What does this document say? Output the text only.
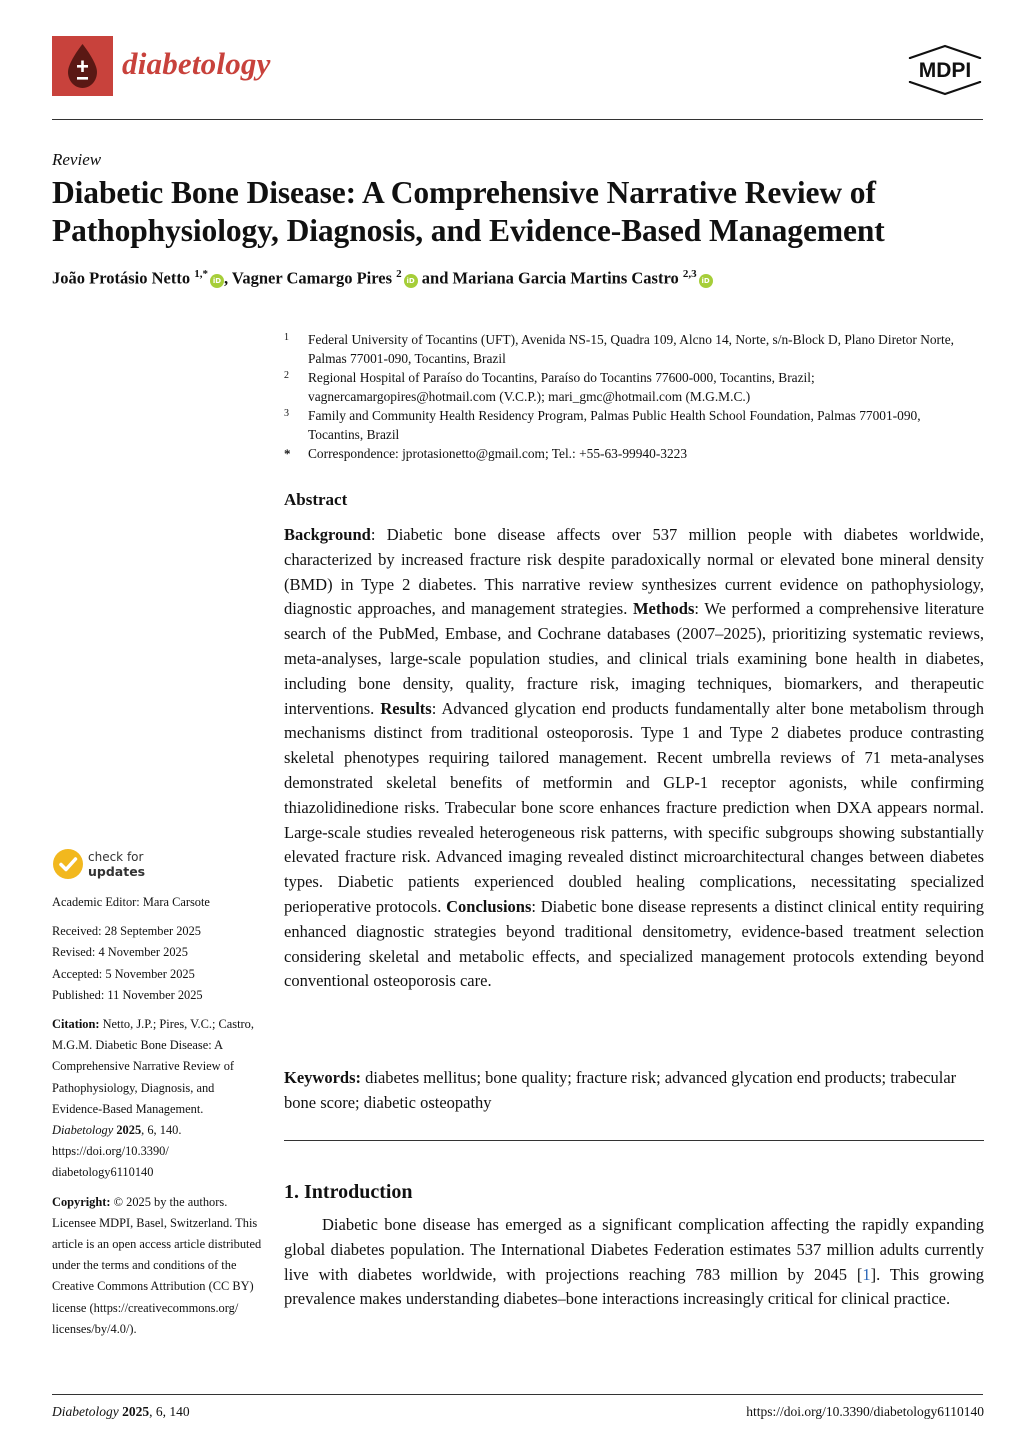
diabetology	MDPI
Review
Diabetic Bone Disease: A Comprehensive Narrative Review of Pathophysiology, Diagnosis, and Evidence-Based Management
João Protásio Netto $^{1,*}$iD , Vagner Camargo Pires $^2$iD and Mariana Garcia Martins Castro $^{2,3}$iD
1 Federal University of Tocantins (UFT), Avenida NS-15, Quadra 109, Alcno 14, Norte, s/n-Block D, Plano Diretor Norte, Palmas 77001-090, Tocantins, Brazil
2 Regional Hospital of Paraíso do Tocantins, Paraíso do Tocantins 77600-000, Tocantins, Brazil; vagnercamargopires@hotmail.com (V.C.P.); mari_gmc@hotmail.com (M.G.M.C.)
3 Family and Community Health Residency Program, Palmas Public Health School Foundation, Palmas 77001-090, Tocantins, Brazil
* Correspondence: jprotasionetto@gmail.com; Tel.: +55-63-99940-3223
Abstract
Background: Diabetic bone disease affects over 537 million people with diabetes worldwide, characterized by increased fracture risk despite paradoxically normal or elevated bone mineral density (BMD) in Type 2 diabetes. This narrative review synthesizes current evidence on pathophysiology, diagnostic approaches, and management strategies. Methods: We performed a comprehensive literature search of the PubMed, Embase, and Cochrane databases (2007–2025), prioritizing systematic reviews, meta-analyses, large-scale population studies, and clinical trials examining bone health in diabetes, including bone density, quality, fracture risk, imaging techniques, biomarkers, and therapeutic interventions. Results: Advanced glycation end products fundamentally alter bone metabolism through mechanisms distinct from traditional osteoporosis. Type 1 and Type 2 diabetes produce contrasting skeletal phenotypes requiring tailored management. Recent umbrella reviews of 71 meta-analyses demonstrated skeletal benefits of metformin and GLP-1 receptor agonists, while confirming thiazolidinedione risks. Trabecular bone score enhances fracture prediction when DXA appears normal. Large-scale studies revealed heterogeneous risk patterns, with specific subgroups showing substantially elevated fracture risk. Advanced imaging revealed distinct microarchitectural changes between diabetes types. Diabetic patients experienced doubled healing complications, necessitating specialized perioperative protocols. Conclusions: Diabetic bone disease represents a distinct clinical entity requiring enhanced diagnostic strategies beyond traditional densitometry, evidence-based treatment selection considering skeletal and metabolic effects, and specialized management protocols extending beyond conventional osteoporosis care.
Keywords: diabetes mellitus; bone quality; fracture risk; advanced glycation end products; trabecular bone score; diabetic osteopathy
1. Introduction
Diabetic bone disease has emerged as a significant complication affecting the rapidly expanding global diabetes population. The International Diabetes Federation estimates 537 million adults currently live with diabetes worldwide, with projections reaching 783 million by 2045 [1]. This growing prevalence makes understanding diabetes–bone interactions increasingly critical for clinical practice.
check for
updates
Academic Editor: Mara Carsote
Received: 28 September 2025
Revised: 4 November 2025
Accepted: 5 November 2025
Published: 11 November 2025
Citation: Netto, J.P.; Pires, V.C.; Castro, M.G.M. Diabetic Bone Disease: A Comprehensive Narrative Review of Pathophysiology, Diagnosis, and Evidence-Based Management. Diabetology 2025, 6, 140. https://doi.org/10.3390/ diabetology6110140
Copyright: © 2025 by the authors. Licensee MDPI, Basel, Switzerland. This article is an open access article distributed under the terms and conditions of the Creative Commons Attribution (CC BY) license (https://creativecommons.org/ licenses/by/4.0/).
Diabetology 2025, 6, 140	https://doi.org/10.3390/diabetology6110140
